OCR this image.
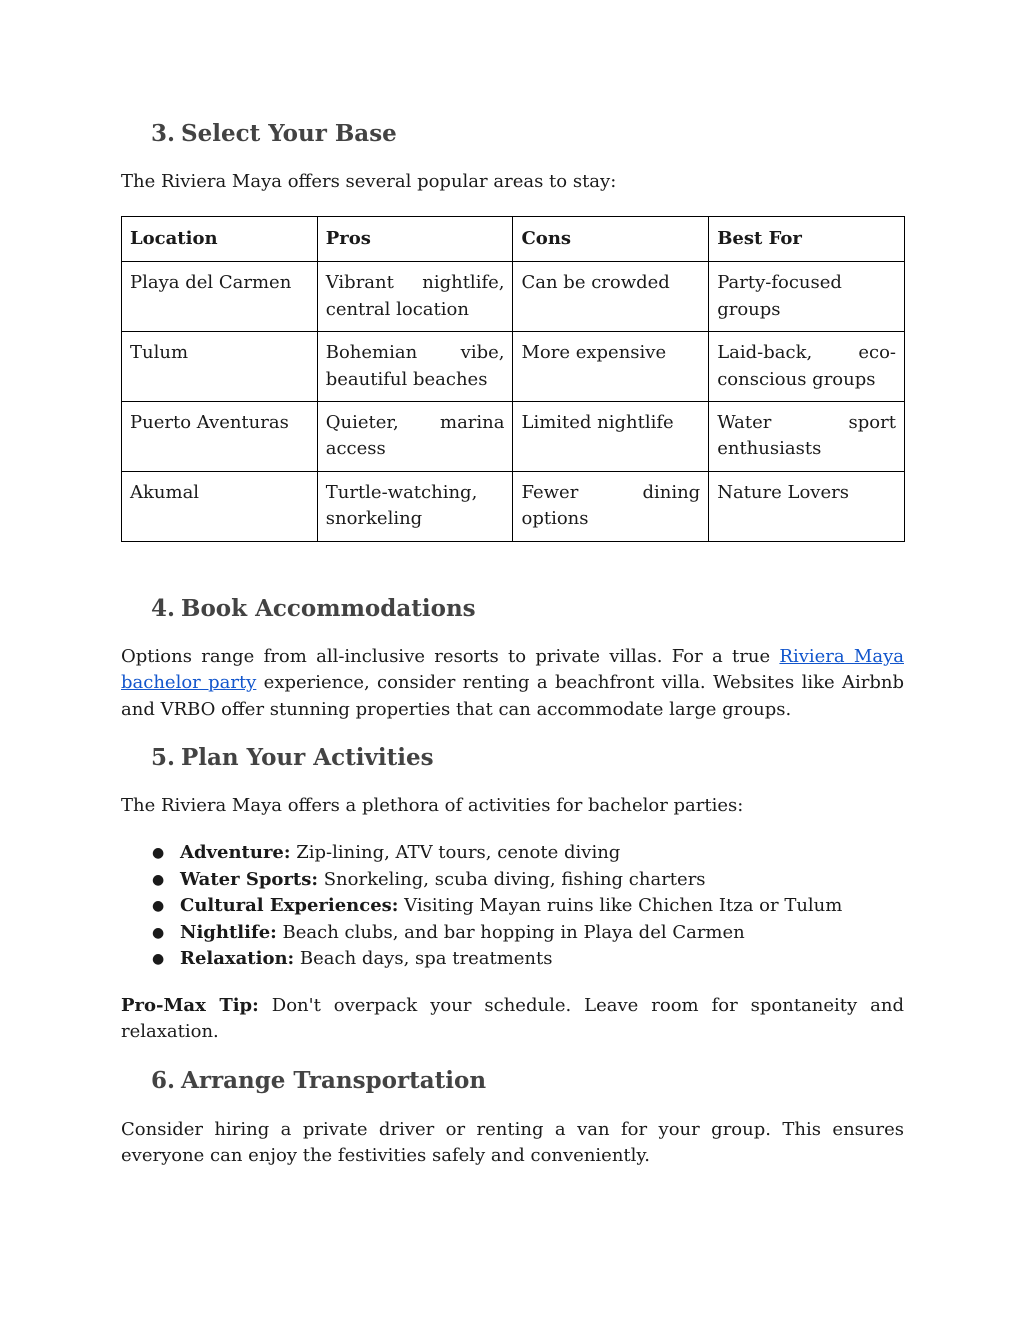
3. Select Your Base

The Riviera Maya offers several popular areas to stay:

Location	Pros	Cons	Best For
Playa del Carmen	Vibrant nightlife, central location	Can be crowded	Party-focused groups
Tulum	Bohemian vibe, beautiful beaches	More expensive	Laid-back, eco-conscious groups
Puerto Aventuras	Quieter, marina access	Limited nightlife	Water sport enthusiasts
Akumal	Turtle-watching, snorkeling	Fewer dining options	Nature Lovers
4. Book Accommodations

Options range from all-inclusive resorts to private villas. For a true Riviera Maya bachelor party experience, consider renting a beachfront villa. Websites like Airbnb and VRBO offer stunning properties that can accommodate large groups.

5. Plan Your Activities

The Riviera Maya offers a plethora of activities for bachelor parties:

● Adventure: Zip-lining, ATV tours, cenote diving
● Water Sports: Snorkeling, scuba diving, fishing charters
● Cultural Experiences: Visiting Mayan ruins like Chichen Itza or Tulum
● Nightlife: Beach clubs, and bar hopping in Playa del Carmen
● Relaxation: Beach days, spa treatments

Pro-Max Tip: Don't overpack your schedule. Leave room for spontaneity and relaxation.

6. Arrange Transportation

Consider hiring a private driver or renting a van for your group. This ensures everyone can enjoy the festivities safely and conveniently.
